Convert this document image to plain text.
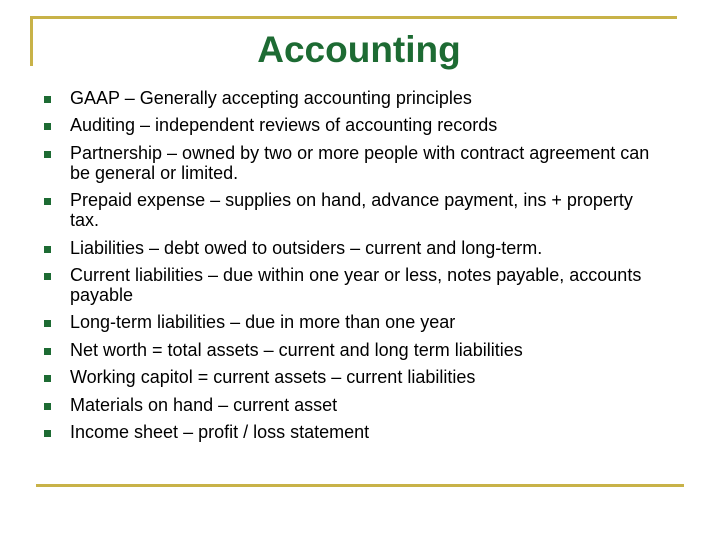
Accounting
GAAP – Generally accepting accounting principles
Auditing – independent reviews of accounting records
Partnership – owned by two or more people with contract agreement can be general or limited.
Prepaid expense – supplies on hand, advance payment, ins + property tax.
Liabilities – debt owed to outsiders – current and long-term.
Current liabilities – due within one year or less, notes payable, accounts payable
Long-term liabilities – due in more than one year
Net worth = total assets – current and long term liabilities
Working capitol = current assets – current liabilities
Materials on hand – current asset
Income sheet – profit / loss statement
